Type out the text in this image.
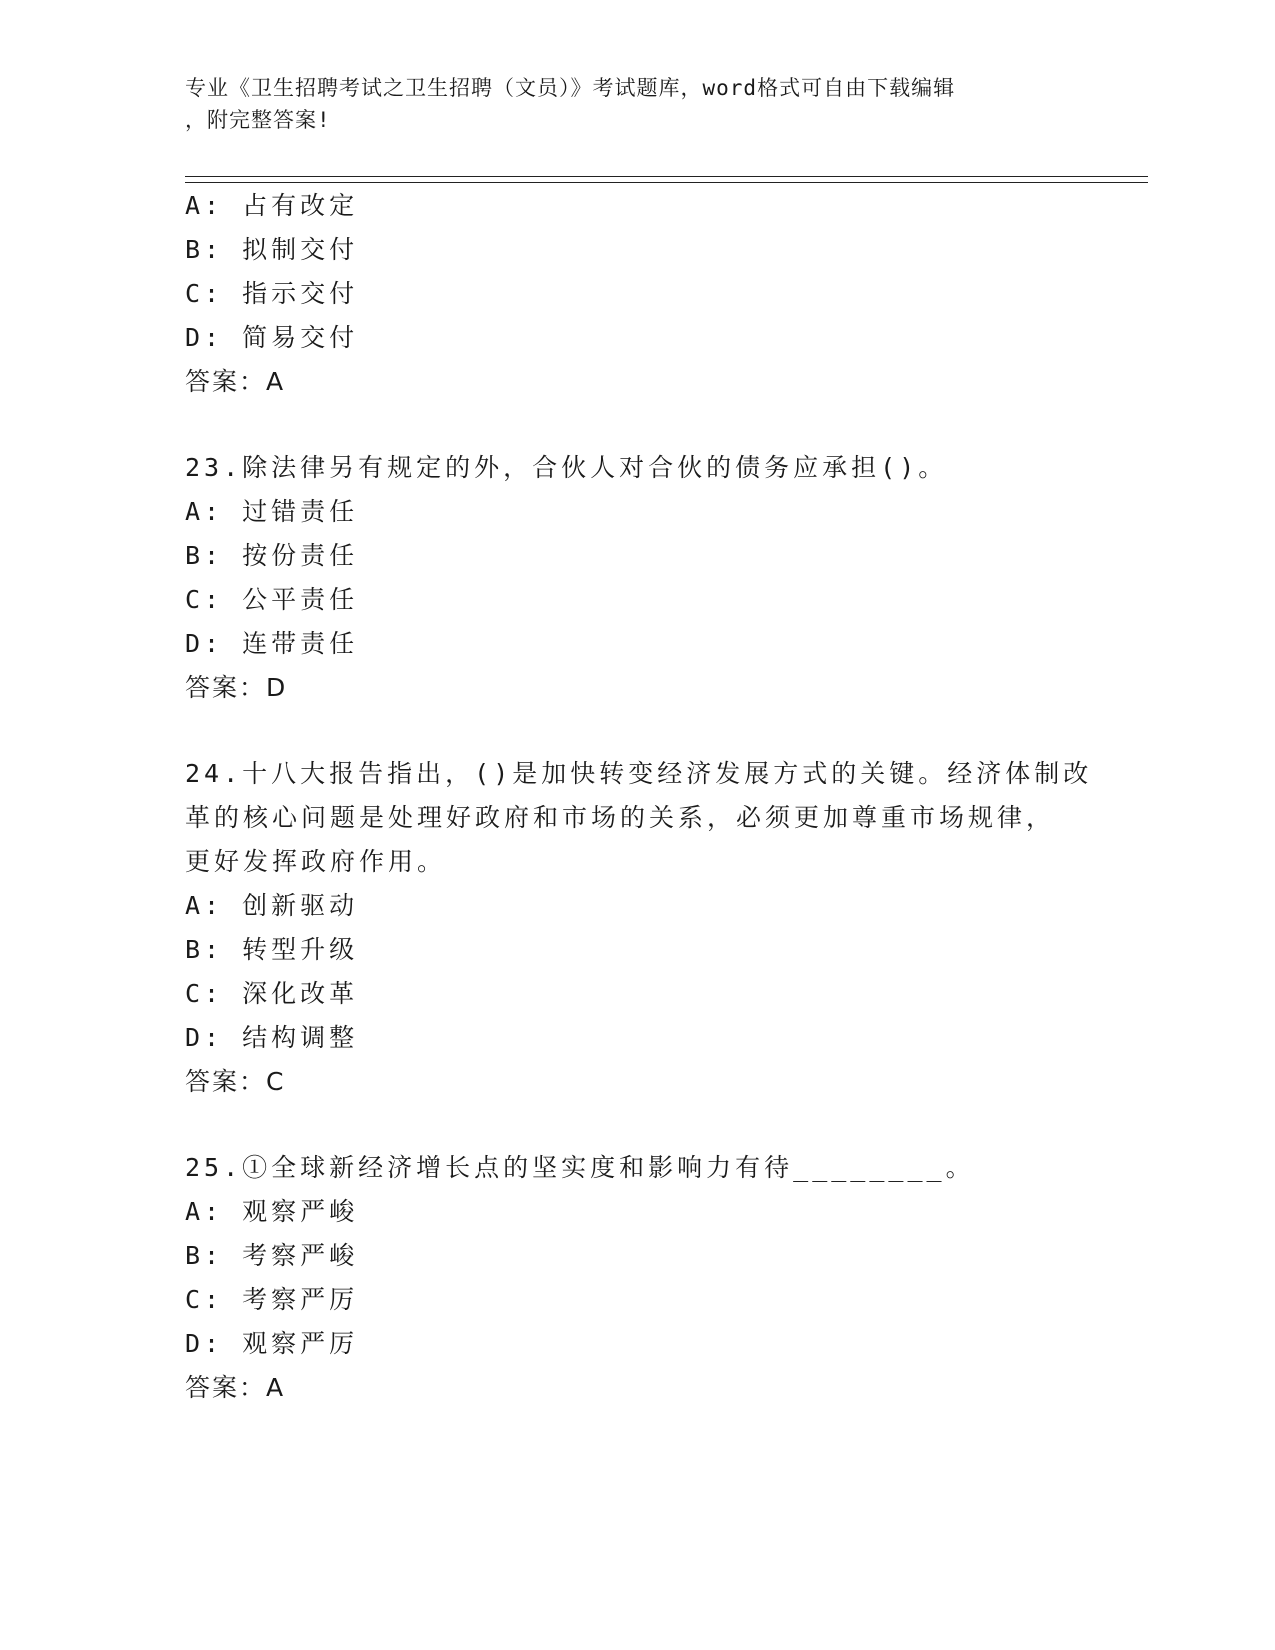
专业《卫生招聘考试之卫生招聘（文员）》考试题库，word格式可自由下载编辑
，附完整答案!
A: 占有改定
B: 拟制交付
C: 指示交付
D: 简易交付
答案：A
23.除法律另有规定的外，合伙人对合伙的债务应承担()。
A: 过错责任
B: 按份责任
C: 公平责任
D: 连带责任
答案：D
24.十八大报告指出，()是加快转变经济发展方式的关键。经济体制改
革的核心问题是处理好政府和市场的关系，必须更加尊重市场规律，
更好发挥政府作用。
A: 创新驱动
B: 转型升级
C: 深化改革
D: 结构调整
答案：C
25.①全球新经济增长点的坚实度和影响力有待________。
A: 观察严峻
B: 考察严峻
C: 考察严厉
D: 观察严厉
答案：A
